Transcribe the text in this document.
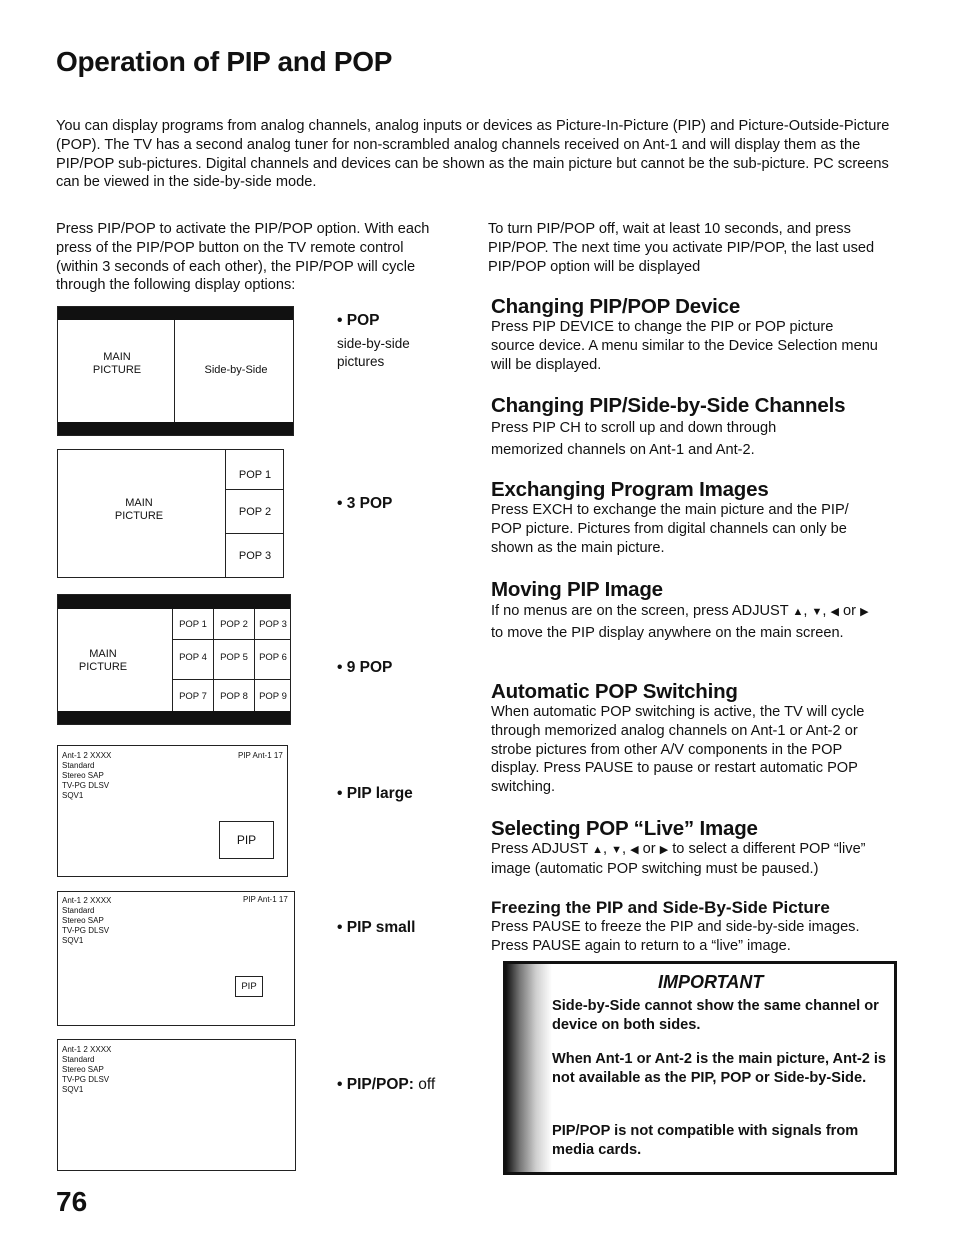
Operation of PIP and POP
You can display programs from analog channels, analog inputs or devices as Picture-In-Picture (PIP) and Picture-Outside-Picture (POP). The TV has a second analog tuner for non-scrambled analog channels received on Ant-1 and will display them as the PIP/POP sub-pictures. Digital channels and devices can be shown as the main picture but cannot be the sub-picture. PC screens can be viewed in the side-by-side mode.
Press PIP/POP to activate the PIP/POP option. With each press of the PIP/POP button on the TV remote control (within 3 seconds of each other), the PIP/POP will cycle through the following display options:
To turn PIP/POP off, wait at least 10 seconds, and press PIP/POP. The next time you activate PIP/POP, the last used PIP/POP option will be displayed
MAIN PICTURE	Side-by-Side
MAIN PICTURE
POP 1
POP 2
POP 3
MAIN PICTURE
POP 1	POP 2	POP 3
POP 4	POP 5	POP 6
POP 7	POP 8	POP 9
Ant-1 2 XXXX
Standard
Stereo SAP
TV-PG DLSV
SQV1
PIP Ant-1 17
PIP
Ant-1 2 XXXX
Standard
Stereo SAP
TV-PG DLSV
SQV1
PIP Ant-1 17
PIP
Ant-1 2 XXXX
Standard
Stereo SAP
TV-PG DLSV
SQV1
• POP
side-by-side pictures
• 3 POP
• 9 POP
• PIP large
• PIP small
• PIP/POP: off
Changing PIP/POP Device
Press PIP DEVICE to change the PIP or POP picture source device. A menu similar to the Device Selection menu will be displayed.
Changing PIP/Side-by-Side Channels
Press PIP CH to scroll up and down through memorized channels on Ant-1 and Ant-2.
Exchanging Program Images
Press EXCH to exchange the main picture and the PIP/ POP picture. Pictures from digital channels can only be shown as the main picture.
Moving PIP Image
If no menus are on the screen, press ADJUST ▲, ▼, ◀ or ▶ to move the PIP display anywhere on the main screen.
Automatic POP Switching
When automatic POP switching is active, the TV will cycle through memorized analog channels on Ant-1 or Ant-2 or strobe pictures from other A/V components in the POP display. Press PAUSE to pause or restart automatic POP switching.
Selecting POP “Live” Image
Press ADJUST ▲, ▼, ◀ or ▶ to select a different POP “live” image (automatic POP switching must be paused.)
Freezing the PIP and Side-By-Side Picture
Press PAUSE to freeze the PIP and side-by-side images. Press PAUSE again to return to a “live” image.
IMPORTANT
Side-by-Side cannot show the same channel or device on both sides.
When Ant-1 or Ant-2 is the main picture, Ant-2 is not available as the PIP, POP or Side-by-Side.
PIP/POP is not compatible with signals from media cards.
76
